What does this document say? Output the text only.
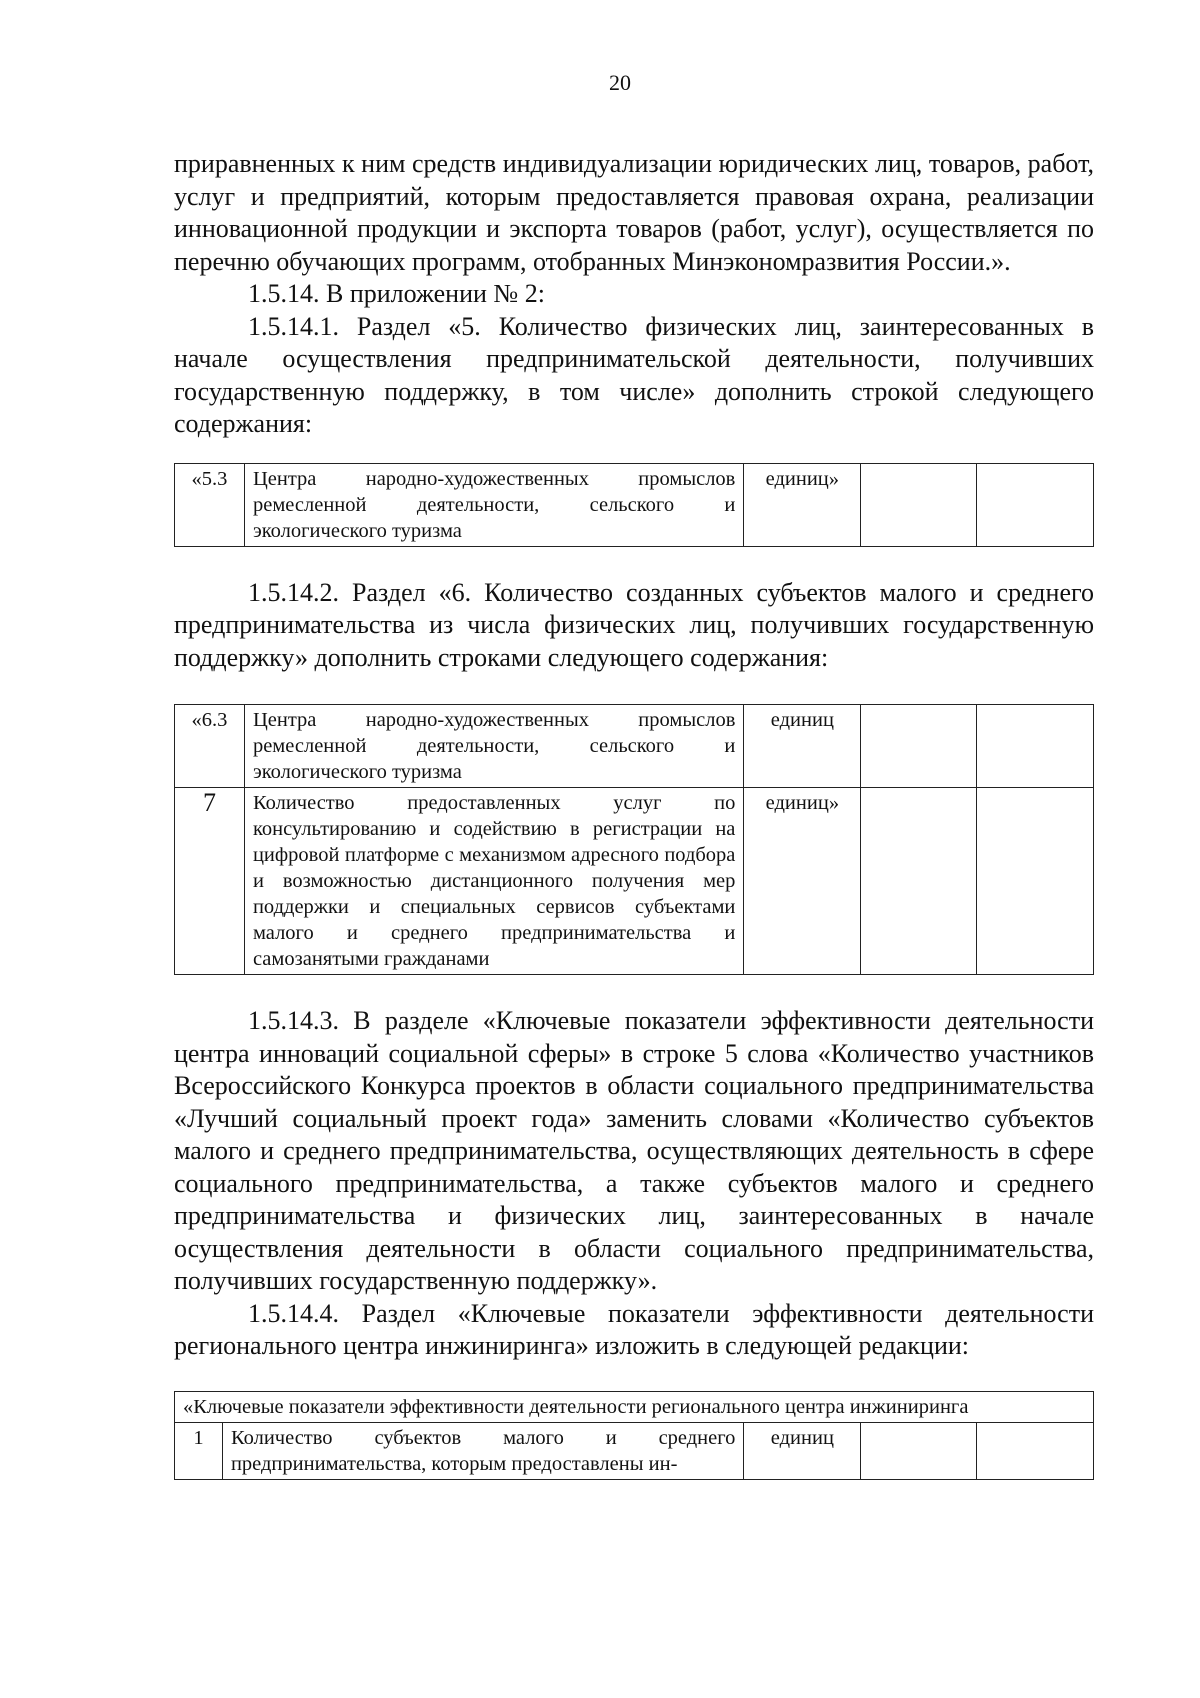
20

приравненных к ним средств индивидуализации юридических лиц, товаров, работ, услуг и предприятий, которым предоставляется правовая охрана, реализации инновационной продукции и экспорта товаров (работ, услуг), осуществляется по перечню обучающих программ, отобранных Минэкономразвития России.».

1.5.14. В приложении № 2:

1.5.14.1. Раздел «5. Количество физических лиц, заинтересованных в начале осуществления предпринимательской деятельности, получивших государственную поддержку, в том числе» дополнить строкой следующего содержания:

«5.3	Центра народно-художественных промыслов ремесленной деятельности, сельского и экологического туризма	единиц»		

1.5.14.2. Раздел «6. Количество созданных субъектов малого и среднего предпринимательства из числа физических лиц, получивших государственную поддержку» дополнить строками следующего содержания:

«6.3	Центра народно-художественных промыслов ремесленной деятельности, сельского и экологического туризма	единиц		
7	Количество предоставленных услуг по консультированию и содействию в регистрации на цифровой платформе с механизмом адресного подбора и возможностью дистанционного получения мер поддержки и специальных сервисов субъектами малого и среднего предпринимательства и самозанятыми гражданами	единиц»		

1.5.14.3. В разделе «Ключевые показатели эффективности деятельности центра инноваций социальной сферы» в строке 5 слова «Количество участников Всероссийского Конкурса проектов в области социального предпринимательства «Лучший социальный проект года» заменить словами «Количество субъектов малого и среднего предпринимательства, осуществляющих деятельность в сфере социального предпринимательства, а также субъектов малого и среднего предпринимательства и физических лиц, заинтересованных в начале осуществления деятельности в области социального предпринимательства, получивших государственную поддержку».

1.5.14.4. Раздел «Ключевые показатели эффективности деятельности регионального центра инжиниринга» изложить в следующей редакции:

«Ключевые показатели эффективности деятельности регионального центра инжиниринга
1	Количество субъектов малого и среднего предпринимательства, которым предоставлены ин-	единиц		
